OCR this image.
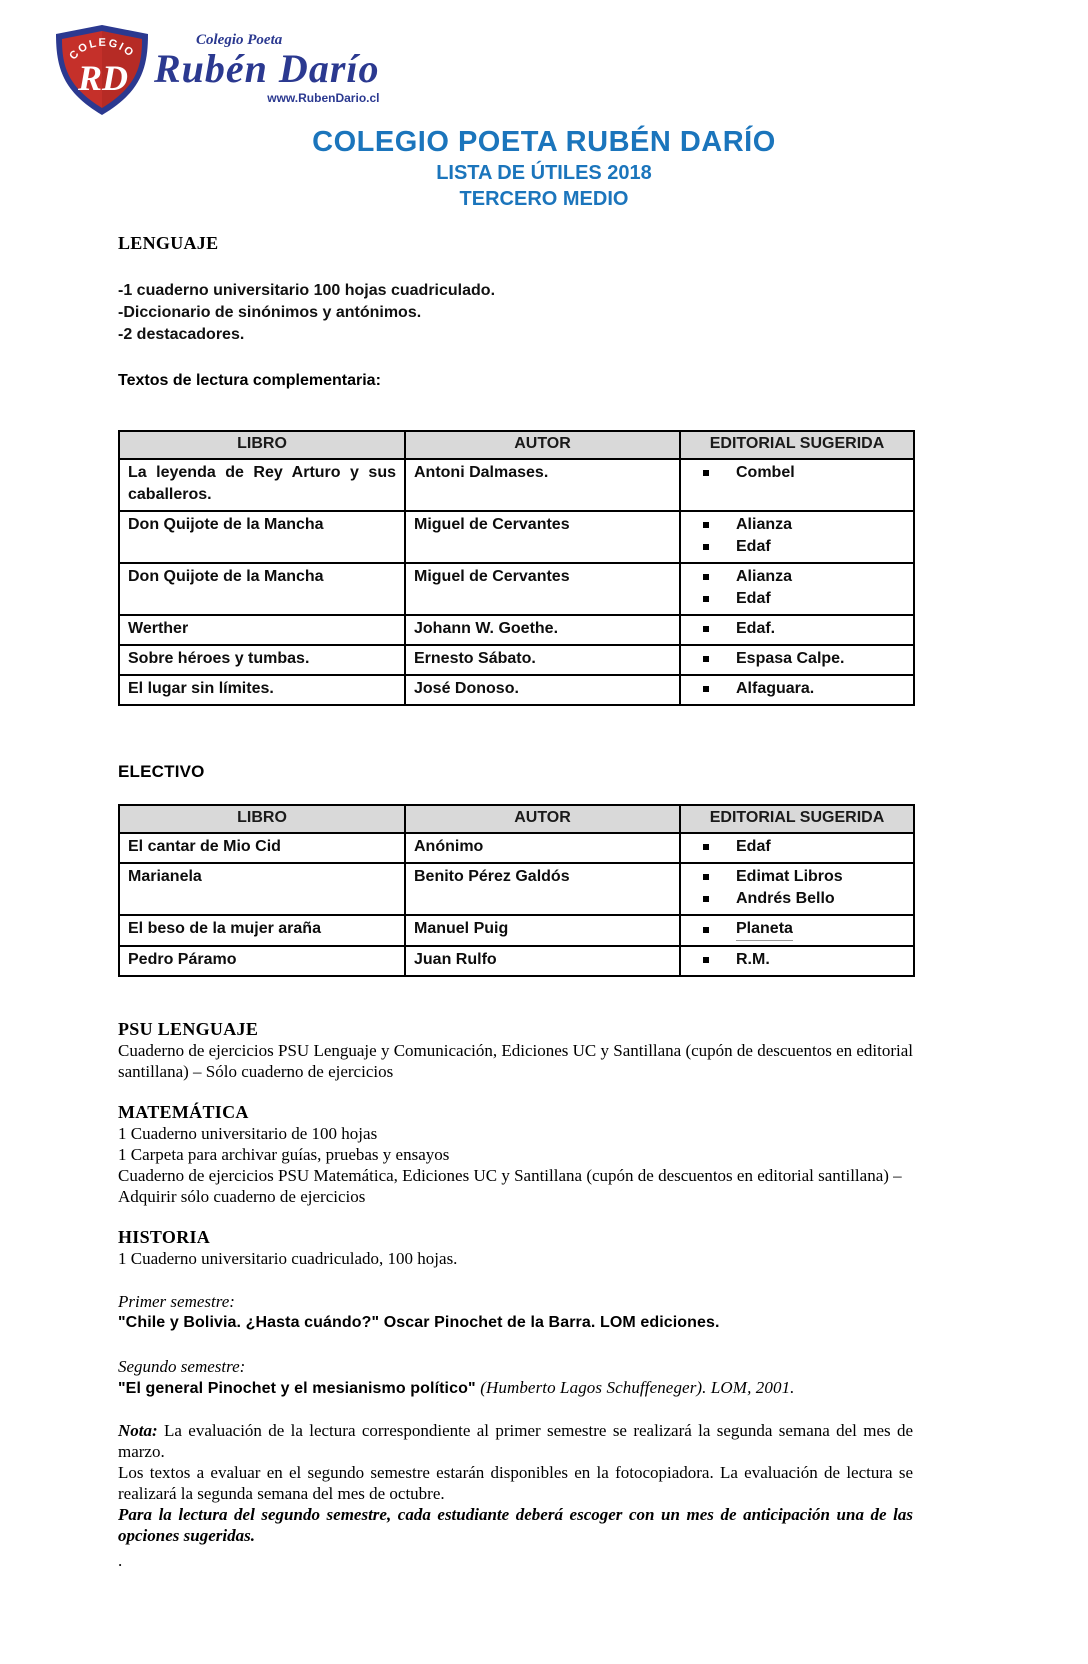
COLEGIO
RD
Colegio Poeta
Rubén Darío
www.RubenDario.cl
COLEGIO POETA RUBÉN DARÍO
LISTA DE ÚTILES 2018
TERCERO MEDIO
LENGUAJE
-1 cuaderno universitario 100 hojas cuadriculado.
-Diccionario de sinónimos y antónimos.
-2 destacadores.
Textos de lectura complementaria:
LIBRO	AUTOR	EDITORIAL SUGERIDA
La leyenda de Rey Arturo y sus caballeros.	Antoni Dalmases.	Combel

Don Quijote de la Mancha	Miguel de Cervantes	Alianza
Edaf

Don Quijote de la Mancha	Miguel de Cervantes	Alianza
Edaf

Werther	Johann W. Goethe.	Edaf.

Sobre héroes y tumbas.	Ernesto Sábato.	Espasa Calpe.

El lugar sin límites.	José Donoso.	Alfaguara.
ELECTIVO
LIBRO	AUTOR	EDITORIAL SUGERIDA
El cantar de Mio Cid	Anónimo	Edaf

Marianela	Benito Pérez Galdós	Edimat Libros
Andrés Bello

El beso de la mujer araña	Manuel Puig	Planeta

Pedro Páramo	Juan Rulfo	R.M.
PSU LENGUAJE
Cuaderno de ejercicios PSU Lenguaje y Comunicación, Ediciones UC y Santillana (cupón de descuentos en editorial santillana) – Sólo cuaderno de ejercicios
MATEMÁTICA
1 Cuaderno universitario de 100 hojas
1 Carpeta para archivar guías, pruebas y ensayos
Cuaderno de ejercicios PSU Matemática, Ediciones UC y Santillana (cupón de descuentos en editorial santillana) – Adquirir sólo cuaderno de ejercicios
HISTORIA
1 Cuaderno universitario cuadriculado, 100 hojas.
Primer semestre:
"Chile y Bolivia. ¿Hasta cuándo?" Oscar Pinochet de la Barra. LOM ediciones.
Segundo semestre:
"El general Pinochet y el mesianismo político" (Humberto Lagos Schuffeneger). LOM, 2001.

Nota: La evaluación de la lectura correspondiente al primer semestre se realizará la segunda semana del mes de marzo.

Los textos a evaluar en el segundo semestre estarán disponibles en la fotocopiadora. La evaluación de lectura se realizará la segunda semana del mes de octubre.

Para la lectura del segundo semestre, cada estudiante deberá escoger con un mes de anticipación una de las opciones sugeridas.

.
